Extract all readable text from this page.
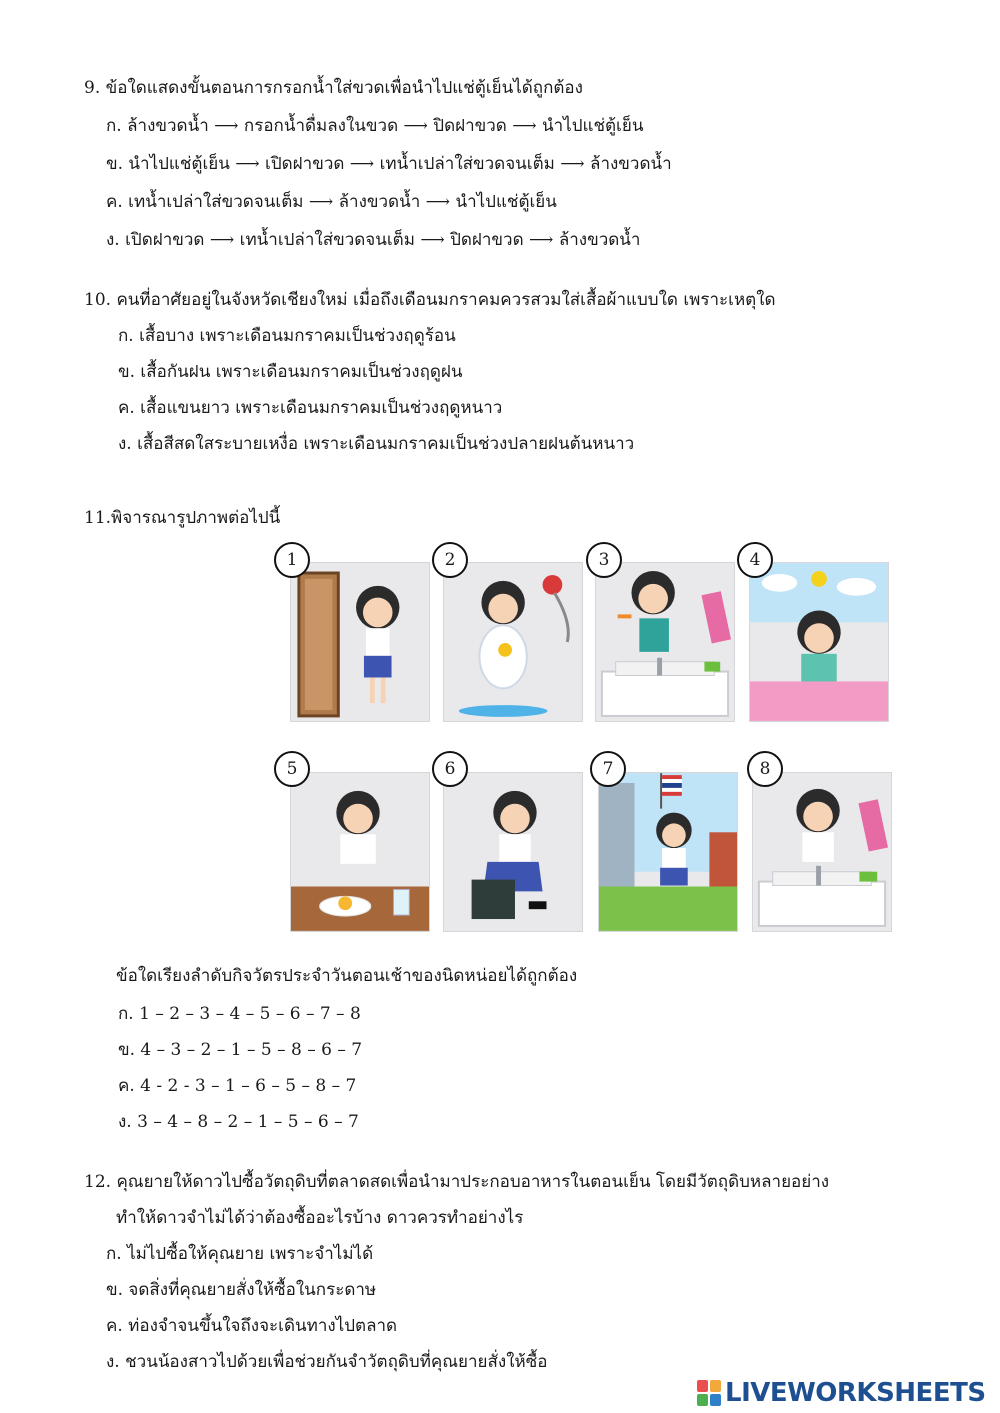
9. ข้อใดแสดงขั้นตอนการกรอกน้ำใส่ขวดเพื่อนำไปแช่ตู้เย็นได้ถูกต้อง
ก. ล้างขวดน้ำ ⟶ กรอกน้ำดื่มลงในขวด ⟶ ปิดฝาขวด ⟶ นำไปแช่ตู้เย็น
ข. นำไปแช่ตู้เย็น ⟶ เปิดฝาขวด ⟶ เทน้ำเปล่าใส่ขวดจนเต็ม ⟶ ล้างขวดน้ำ
ค. เทน้ำเปล่าใส่ขวดจนเต็ม ⟶ ล้างขวดน้ำ ⟶ นำไปแช่ตู้เย็น
ง. เปิดฝาขวด ⟶ เทน้ำเปล่าใส่ขวดจนเต็ม ⟶ ปิดฝาขวด ⟶ ล้างขวดน้ำ
10. คนที่อาศัยอยู่ในจังหวัดเชียงใหม่ เมื่อถึงเดือนมกราคมควรสวมใส่เสื้อผ้าแบบใด เพราะเหตุใด
ก. เสื้อบาง เพราะเดือนมกราคมเป็นช่วงฤดูร้อน
ข. เสื้อกันฝน เพราะเดือนมกราคมเป็นช่วงฤดูฝน
ค. เสื้อแขนยาว เพราะเดือนมกราคมเป็นช่วงฤดูหนาว
ง. เสื้อสีสดใสระบายเหงื่อ เพราะเดือนมกราคมเป็นช่วงปลายฝนต้นหนาว
11.พิจารณารูปภาพต่อไปนี้
1	2	3	4
5	6	7	8
ข้อใดเรียงลำดับกิจวัตรประจำวันตอนเช้าของนิดหน่อยได้ถูกต้อง
ก. 1 – 2 – 3 – 4 – 5 – 6 – 7 – 8
ข. 4 – 3 – 2 – 1 – 5 – 8 – 6 – 7
ค. 4 - 2 - 3 – 1 – 6 – 5 – 8 – 7
ง. 3 – 4 – 8 – 2 – 1 – 5 – 6 – 7
12. คุณยายให้ดาวไปซื้อวัตถุดิบที่ตลาดสดเพื่อนำมาประกอบอาหารในตอนเย็น โดยมีวัตถุดิบหลายอย่าง
ทำให้ดาวจำไม่ได้ว่าต้องซื้ออะไรบ้าง ดาวควรทำอย่างไร
ก. ไม่ไปซื้อให้คุณยาย เพราะจำไม่ได้
ข. จดสิ่งที่คุณยายสั่งให้ซื้อในกระดาษ
ค. ท่องจำจนขึ้นใจถึงจะเดินทางไปตลาด
ง. ชวนน้องสาวไปด้วยเพื่อช่วยกันจำวัตถุดิบที่คุณยายสั่งให้ซื้อ
LIVEWORKSHEETS
